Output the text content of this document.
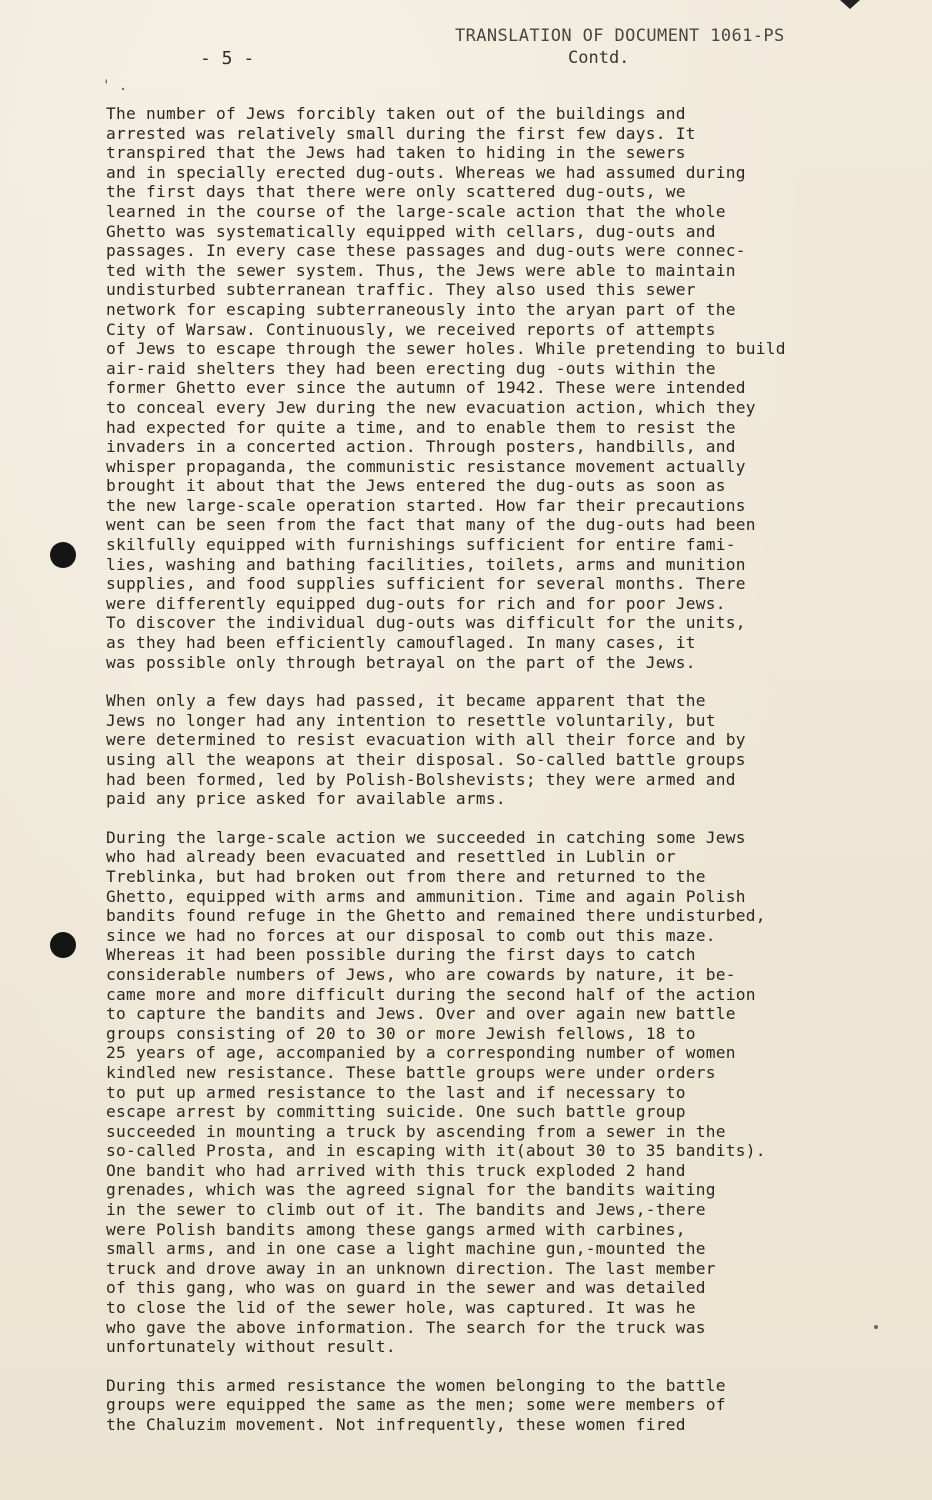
TRANSLATION OF DOCUMENT 1061-PS
Contd.
- 5 -
' .
The number of Jews forcibly taken out of the buildings and
arrested was relatively small during the first few days. It
transpired that the Jews had taken to hiding in the sewers
and in specially erected dug-outs. Whereas we had assumed during
the first days that there were only scattered dug-outs, we
learned in the course of the large-scale action that the whole
Ghetto was systematically equipped with cellars, dug-outs and
passages. In every case these passages and dug-outs were connec-
ted with the sewer system. Thus, the Jews were able to maintain
undisturbed subterranean traffic. They also used this sewer
network for escaping subterraneously into the aryan part of the
City of Warsaw. Continuously, we received reports of attempts
of Jews to escape through the sewer holes. While pretending to build
air-raid shelters they had been erecting dug -outs within the
former Ghetto ever since the autumn of 1942. These were intended
to conceal every Jew during the new evacuation action, which they
had expected for quite a time, and to enable them to resist the
invaders in a concerted action. Through posters, handbills, and
whisper propaganda, the communistic resistance movement actually
brought it about that the Jews entered the dug-outs as soon as
the new large-scale operation started. How far their precautions
went can be seen from the fact that many of the dug-outs had been
skilfully equipped with furnishings sufficient for entire fami-
lies, washing and bathing facilities, toilets, arms and munition
supplies, and food supplies sufficient for several months. There
were differently equipped dug-outs for rich and for poor Jews.
To discover the individual dug-outs was difficult for the units,
as they had been efficiently camouflaged. In many cases, it
was possible only through betrayal on the part of the Jews.
When only a few days had passed, it became apparent that the
Jews no longer had any intention to resettle voluntarily, but
were determined to resist evacuation with all their force and by
using all the weapons at their disposal. So-called battle groups
had been formed, led by Polish-Bolshevists; they were armed and
paid any price asked for available arms.
During the large-scale action we succeeded in catching some Jews
who had already been evacuated and resettled in Lublin or
Treblinka, but had broken out from there and returned to the
Ghetto, equipped with arms and ammunition. Time and again Polish
bandits found refuge in the Ghetto and remained there undisturbed,
since we had no forces at our disposal to comb out this maze.
Whereas it had been possible during the first days to catch
considerable numbers of Jews, who are cowards by nature, it be-
came more and more difficult during the second half of the action
to capture the bandits and Jews. Over and over again new battle
groups consisting of 20 to 30 or more Jewish fellows, 18 to
25 years of age, accompanied by a corresponding number of women
kindled new resistance. These battle groups were under orders
to put up armed resistance to the last and if necessary to
escape arrest by committing suicide. One such battle group
succeeded in mounting a truck by ascending from a sewer in the
so-called Prosta, and in escaping with it(about 30 to 35 bandits).
One bandit who had arrived with this truck exploded 2 hand
grenades, which was the agreed signal for the bandits waiting
in the sewer to climb out of it. The bandits and Jews,-there
were Polish bandits among these gangs armed with carbines,
small arms, and in one case a light machine gun,-mounted the
truck and drove away in an unknown direction. The last member
of this gang, who was on guard in the sewer and was detailed
to close the lid of the sewer hole, was captured. It was he
who gave the above information. The search for the truck was
unfortunately without result.
During this armed resistance the women belonging to the battle
groups were equipped the same as the men; some were members of
the Chaluzim movement. Not infrequently, these women fired
